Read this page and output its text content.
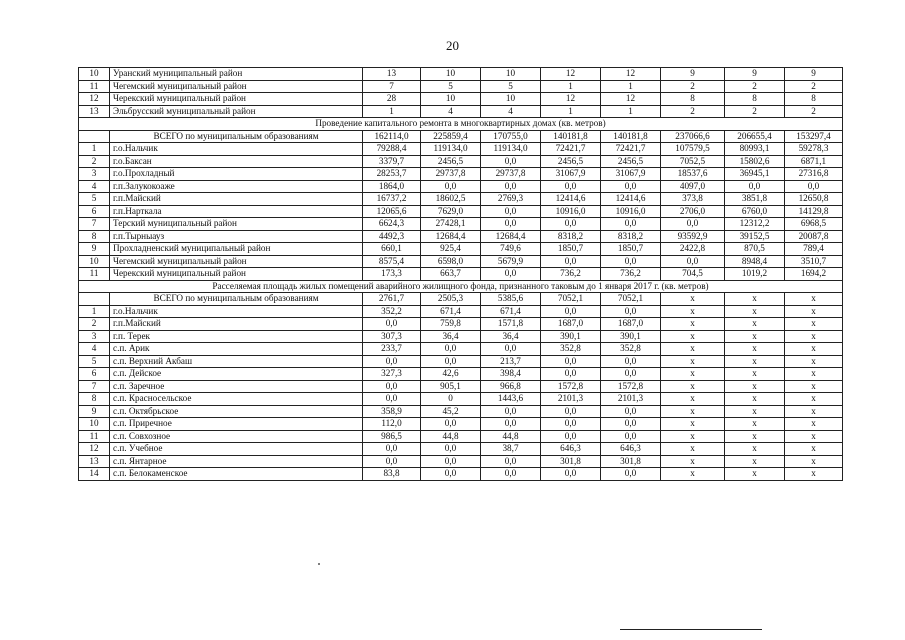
20
10	Уранский муниципальный район	13	10	10	12	12	9	9	9
11	Чегемский муниципальный район	7	5	5	1	1	2	2	2
12	Черекский муниципальный район	28	10	10	12	12	8	8	8
13	Эльбрусский муниципальный район	1	4	4	1	1	2	2	2
Проведение капитального ремонта в многоквартирных домах (кв. метров)									
	ВСЕГО по муниципальным образованиям	162114,0	225859,4	170755,0	140181,8	140181,8	237066,6	206655,4	153297,4
1	г.о.Нальчик	79288,4	119134,0	119134,0	72421,7	72421,7	107579,5	80993,1	59278,3
2	г.о.Баксан	3379,7	2456,5	0,0	2456,5	2456,5	7052,5	15802,6	6871,1
3	г.о.Прохладный	28253,7	29737,8	29737,8	31067,9	31067,9	18537,6	36945,1	27316,8
4	г.п.Залукокоаже	1864,0	0,0	0,0	0,0	0,0	4097,0	0,0	0,0
5	г.п.Майский	16737,2	18602,5	2769,3	12414,6	12414,6	373,8	3851,8	12650,8
6	г.п.Нарткала	12065,6	7629,0	0,0	10916,0	10916,0	2706,0	6760,0	14129,8
7	Терский муниципальный район	6624,3	27428,1	0,0	0,0	0,0	0,0	12312,2	6968,5
8	г.п.Тырныауз	4492,3	12684,4	12684,4	8318,2	8318,2	93592,9	39152,5	20087,8
9	Прохладненский муниципальный район	660,1	925,4	749,6	1850,7	1850,7	2422,8	870,5	789,4
10	Чегемский муниципальный район	8575,4	6598,0	5679,9	0,0	0,0	0,0	8948,4	3510,7
11	Черекский муниципальный район	173,3	663,7	0,0	736,2	736,2	704,5	1019,2	1694,2
Расселяемая площадь жилых помещений аварийного жилищного фонда, признанного таковым до 1 января 2017 г. (кв. метров)									
	ВСЕГО по муниципальным образованиям	2761,7	2505,3	5385,6	7052,1	7052,1	х	х	х
1	г.о.Нальчик	352,2	671,4	671,4	0,0	0,0	х	х	х
2	г.п.Майский	0,0	759,8	1571,8	1687,0	1687,0	х	х	х
3	г.п. Терек	307,3	36,4	36,4	390,1	390,1	х	х	х
4	с.п. Арик	233,7	0,0	0,0	352,8	352,8	х	х	х
5	с.п. Верхний Акбаш	0,0	0,0	213,7	0,0	0,0	х	х	х
6	с.п. Дейское	327,3	42,6	398,4	0,0	0,0	х	х	х
7	с.п. Заречное	0,0	905,1	966,8	1572,8	1572,8	х	х	х
8	с.п. Красносельское	0,0	0	1443,6	2101,3	2101,3	х	х	х
9	с.п. Октябрьское	358,9	45,2	0,0	0,0	0,0	х	х	х
10	с.п. Приречное	112,0	0,0	0,0	0,0	0,0	х	х	х
11	с.п. Совхозное	986,5	44,8	44,8	0,0	0,0	х	х	х
12	с.п. Учебное	0,0	0,0	38,7	646,3	646,3	х	х	х
13	с.п. Янтарное	0,0	0,0	0,0	301,8	301,8	х	х	х
14	с.п. Белокаменское	83,8	0,0	0,0	0,0	0,0	х	х	х
